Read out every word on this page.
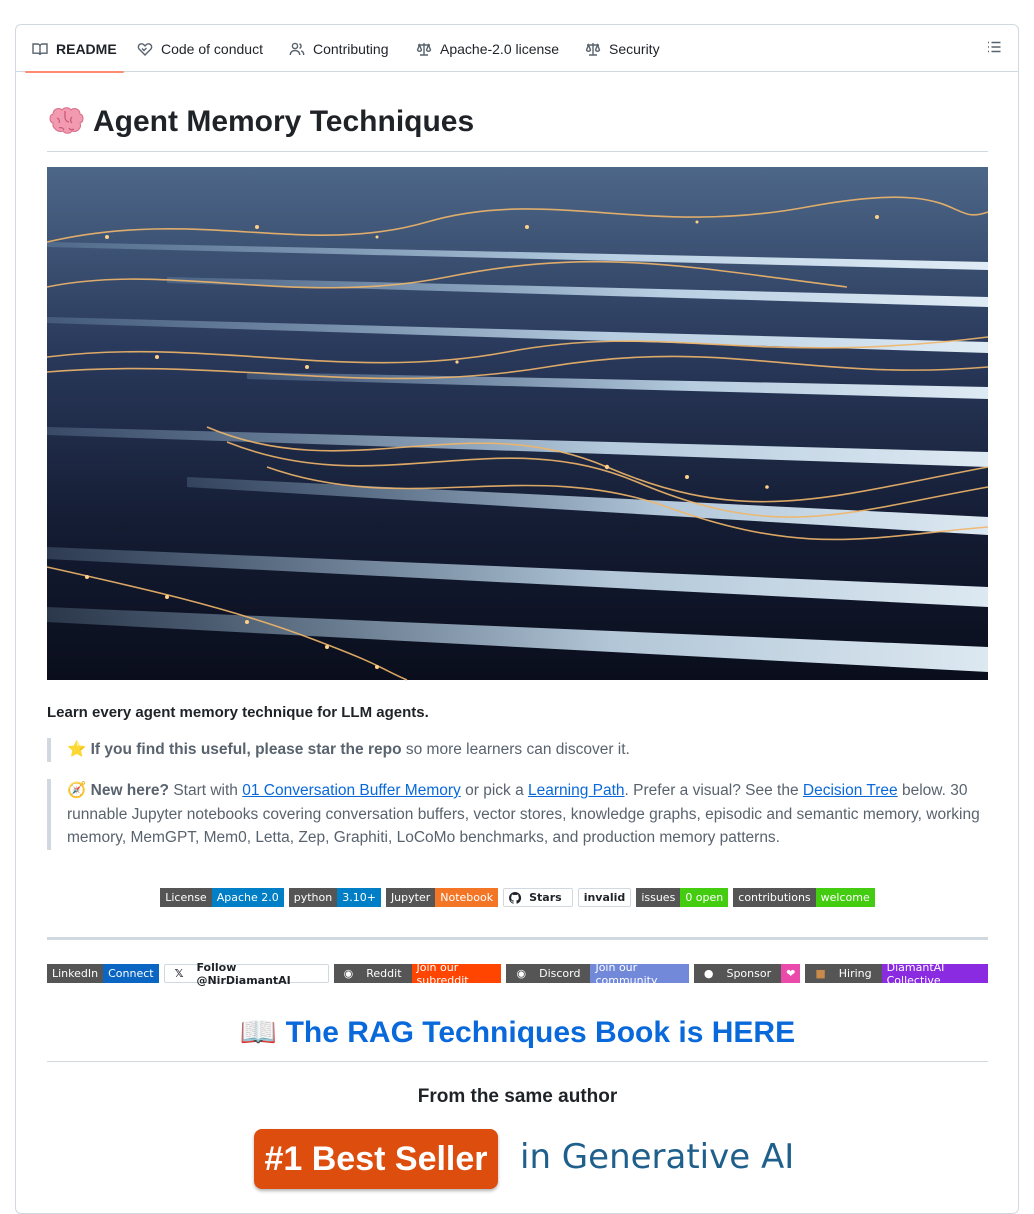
README	Code of conduct	Contributing	Apache-2.0 license	Security
Agent Memory Techniques
Learn every agent memory technique for LLM agents.
⭐ If you find this useful, please star the repo so more learners can discover it.
🧭 New here? Start with 01 Conversation Buffer Memory or pick a Learning Path. Prefer a visual? See the Decision Tree below. 30 runnable Jupyter notebooks covering conversation buffers, vector stores, knowledge graphs, episodic and semantic memory, working memory, MemGPT, Mem0, Letta, Zep, Graphiti, LoCoMo benchmarks, and production memory patterns.
License Apache 2.0	python 3.10+	Jupyter Notebook	Stars	invalid	issues 0 open	contributions welcome
LinkedIn Connect	𝕏	Follow @NirDiamantAI	◉	Reddit	Join our subreddit	◉	Discord	Join our community	●	Sponsor	❤	■	Hiring	DiamantAI Collective
📖 The RAG Techniques Book is HERE
From the same author
#1 Best Seller in Generative AI
